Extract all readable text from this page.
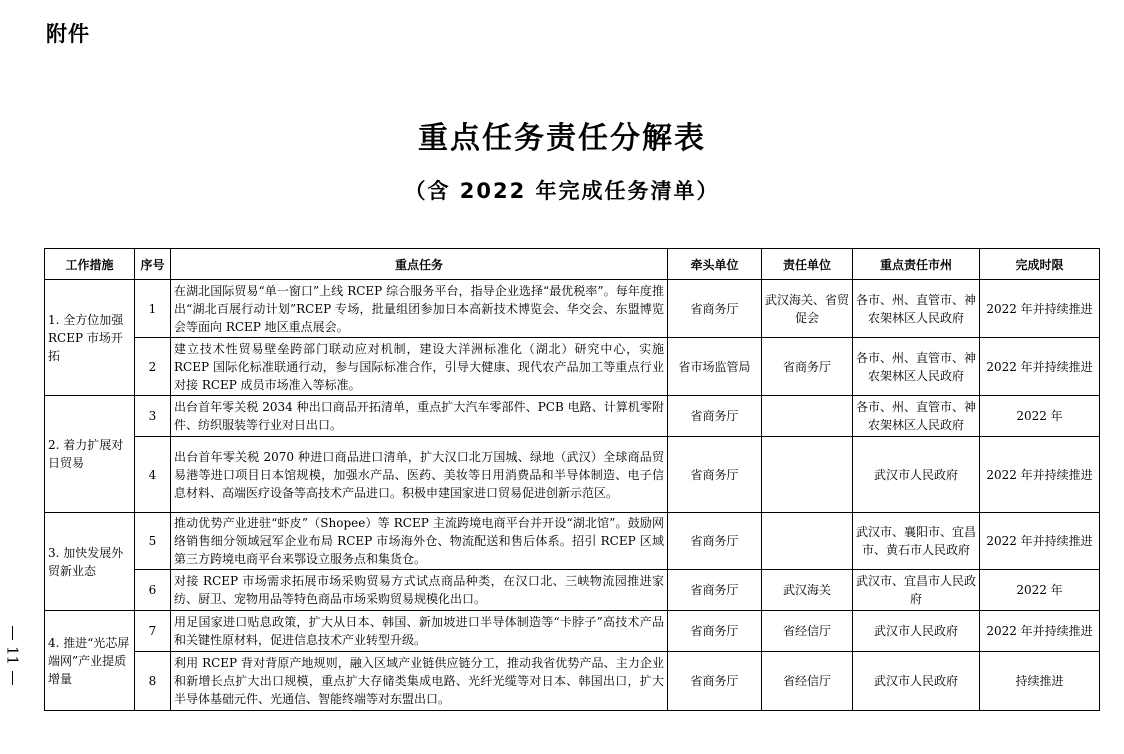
附件
重点任务责任分解表
（含 2022 年完成任务清单）
11
工作措施	序号	重点任务	牵头单位	责任单位	重点责任市州	完成时限
1. 全方位加强 RCEP 市场开拓	1	在湖北国际贸易“单一窗口”上线 RCEP 综合服务平台，指导企业选择“最优税率”。每年度推出“湖北百展行动计划”RCEP 专场，批量组团参加日本高新技术博览会、华交会、东盟博览会等面向 RCEP 地区重点展会。	省商务厅	武汉海关、省贸促会	各市、州、直管市、神农架林区人民政府	2022 年并持续推进
	2	建立技术性贸易壁垒跨部门联动应对机制，建设大洋洲标准化（湖北）研究中心，实施 RCEP 国际化标准联通行动，参与国际标准合作，引导大健康、现代农产品加工等重点行业对接 RCEP 成员市场准入等标准。	省市场监管局	省商务厅	各市、州、直管市、神农架林区人民政府	2022 年并持续推进
2. 着力扩展对日贸易	3	出台首年零关税 2034 种出口商品开拓清单，重点扩大汽车零部件、PCB 电路、计算机零附件、纺织服装等行业对日出口。	省商务厅		各市、州、直管市、神农架林区人民政府	2022 年
	4	出台首年零关税 2070 种进口商品进口清单，扩大汉口北万国城、绿地（武汉）全球商品贸易港等进口项目日本馆规模，加强水产品、医药、美妆等日用消费品和半导体制造、电子信息材料、高端医疗设备等高技术产品进口。积极申建国家进口贸易促进创新示范区。	省商务厅		武汉市人民政府	2022 年并持续推进
3. 加快发展外贸新业态	5	推动优势产业进驻“虾皮”（Shopee）等 RCEP 主流跨境电商平台并开设“湖北馆”。鼓励网络销售细分领域冠军企业布局 RCEP 市场海外仓、物流配送和售后体系。招引 RCEP 区域第三方跨境电商平台来鄂设立服务点和集货仓。	省商务厅		武汉市、襄阳市、宜昌市、黄石市人民政府	2022 年并持续推进
	6	对接 RCEP 市场需求拓展市场采购贸易方式试点商品种类，在汉口北、三峡物流园推进家纺、厨卫、宠物用品等特色商品市场采购贸易规模化出口。	省商务厅	武汉海关	武汉市、宜昌市人民政府	2022 年
4. 推进“光芯屏端网”产业提质增量	7	用足国家进口贴息政策，扩大从日本、韩国、新加坡进口半导体制造等“卡脖子”高技术产品和关键性原材料，促进信息技术产业转型升级。	省商务厅	省经信厅	武汉市人民政府	2022 年并持续推进
	8	利用 RCEP 背对背原产地规则，融入区域产业链供应链分工，推动我省优势产品、主力企业和新增长点扩大出口规模，重点扩大存储类集成电路、光纤光缆等对日本、韩国出口，扩大半导体基础元件、光通信、智能终端等对东盟出口。	省商务厅	省经信厅	武汉市人民政府	持续推进
